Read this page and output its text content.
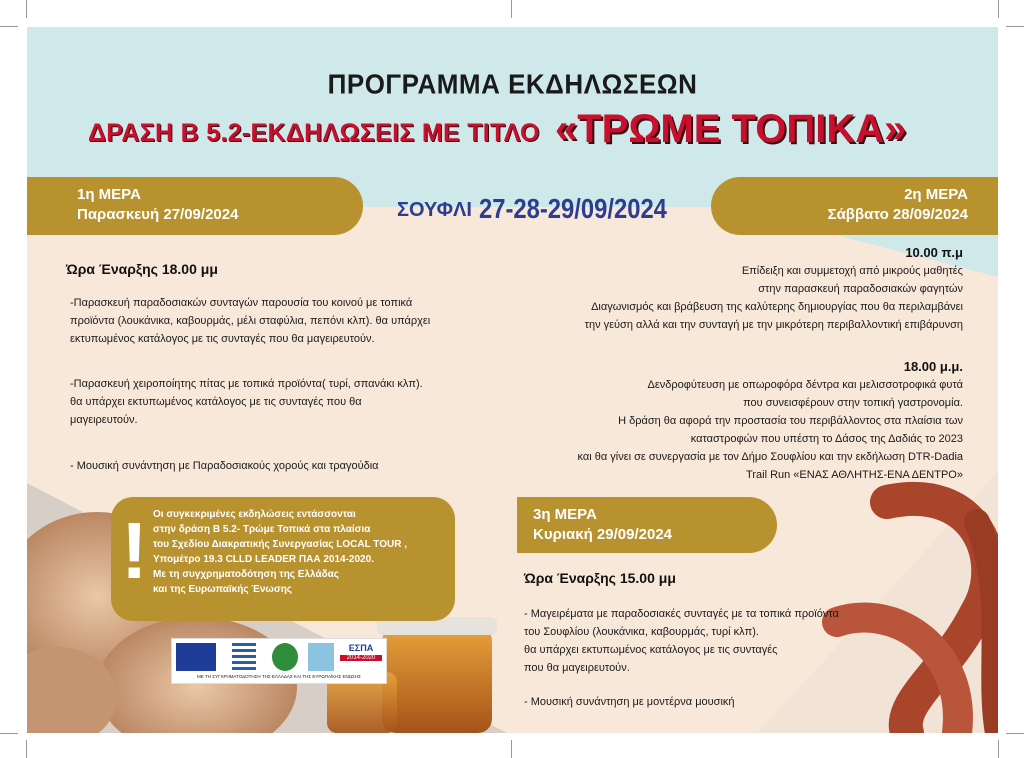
ΠΡΟΓΡΑΜΜΑ ΕΚΔΗΛΩΣΕΩΝ
ΔΡΑΣΗ Β 5.2-ΕΚΔΗΛΩΣΕΙΣ ΜΕ ΤΙΤΛΟ «ΤΡΩΜΕ ΤΟΠΙΚΑ»
1η ΜΕΡΑ
Παρασκευή 27/09/2024	ΣΟΥΦΛΙ 27-28-29/09/2024	2η ΜΕΡΑ
Σάββατο 28/09/2024
Ώρα Έναρξης 18.00 μμ
-Παρασκευή παραδοσιακών συνταγών παρουσία του κοινού με τοπικά προϊόντα (λουκάνικα, καβουρμάς, μέλι σταφύλια, πεπόνι κλπ). θα υπάρχει εκτυπωμένος κατάλογος με τις συνταγές που θα μαγειρευτούν.
-Παρασκευή χειροποίητης πίτας με τοπικά προϊόντα( τυρί, σπανάκι κλπ). θα υπάρχει εκτυπωμένος κατάλογος με τις συνταγές που θα μαγειρευτούν.
- Μουσική συνάντηση με Παραδοσιακούς χορούς και τραγούδια
10.00 π.μ
Επίδειξη και συμμετοχή από μικρούς μαθητές
στην παρασκευή παραδοσιακών φαγητών
Διαγωνισμός και βράβευση της καλύτερης δημιουργίας που θα περιλαμβάνει
την γεύση αλλά και την συνταγή με την μικρότερη περιβαλλοντική επιβάρυνση
18.00 μ.μ.
Δενδροφύτευση με οπωροφόρα δέντρα και μελισσοτροφικά φυτά
που συνεισφέρουν στην τοπική γαστρονομία.
Η δράση θα αφορά την προστασία του περιβάλλοντος στα πλαίσια των
καταστροφών που υπέστη το Δάσος της Δαδιάς το 2023
και θα γίνει σε συνεργασία με τον Δήμο Σουφλίου και την εκδήλωση DTR-Dadia
Trail Run «ΕΝΑΣ ΑΘΛΗΤΗΣ-ΕΝΑ ΔΕΝΤΡΟ»
! Οι συγκεκριμένες εκδηλώσεις εντάσσονται
στην δράση Β 5.2- Τρώμε Τοπικά στα πλαίσια
του Σχεδίου Διακρατικής Συνεργασίας LOCAL TOUR ,
Υπομέτρο 19.3 CLLD LEADER ΠΑΑ 2014-2020.
Με τη συγχρηματοδότηση της Ελλάδας
και της Ευρωπαϊκής Ένωσης
ΕΣΠΑ
2014-2020
ΜΕ ΤΗ ΣΥΓΧΡΗΜΑΤΟΔΟΤΗΣΗ ΤΗΣ ΕΛΛΑΔΑΣ ΚΑΙ ΤΗΣ ΕΥΡΩΠΑΪΚΗΣ ΕΝΩΣΗΣ
3η ΜΕΡΑ
Κυριακή 29/09/2024
Ώρα Έναρξης 15.00 μμ
- Μαγειρέματα με παραδοσιακές συνταγές με τα τοπικά προϊόντα
του Σουφλίου (λουκάνικα, καβουρμάς, τυρί κλπ).
θα υπάρχει εκτυπωμένος κατάλογος με τις συνταγές
που θα μαγειρευτούν.
- Μουσική συνάντηση με μοντέρνα μουσική
